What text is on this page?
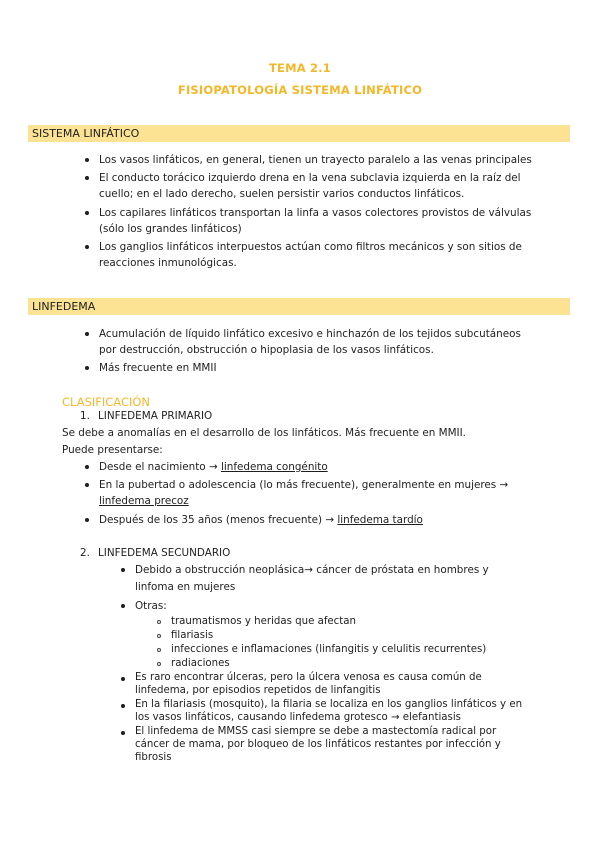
TEMA 2.1
FISIOPATOLOGÍA SISTEMA LINFÁTICO
SISTEMA LINFÁTICO
Los vasos linfáticos, en general, tienen un trayecto paralelo a las venas principales
El conducto torácico izquierdo drena en la vena subclavia izquierda en la raíz del
cuello; en el lado derecho, suelen persistir varios conductos linfáticos.
Los capilares linfáticos transportan la linfa a vasos colectores provistos de válvulas
(sólo los grandes linfáticos)
Los ganglios linfáticos interpuestos actúan como filtros mecánicos y son sitios de
reacciones inmunológicas.
LINFEDEMA
Acumulación de líquido linfático excesivo e hinchazón de los tejidos subcutáneos
por destrucción, obstrucción o hipoplasia de los vasos linfáticos.
Más frecuente en MMII
CLASIFICACIÓN
1. LINFEDEMA PRIMARIO
Se debe a anomalías en el desarrollo de los linfáticos. Más frecuente en MMII.
Puede presentarse:
Desde el nacimiento → linfedema congénito
En la pubertad o adolescencia (lo más frecuente), generalmente en mujeres →
linfedema precoz
Después de los 35 años (menos frecuente) → linfedema tardío
2. LINFEDEMA SECUNDARIO
Debido a obstrucción neoplásica→ cáncer de próstata en hombres y
linfoma en mujeres
Otras:
traumatismos y heridas que afectan
filariasis
infecciones e inflamaciones (linfangitis y celulitis recurrentes)
radiaciones
Es raro encontrar úlceras, pero la úlcera venosa es causa común de
linfedema, por episodios repetidos de linfangitis
En la filariasis (mosquito), la filaria se localiza en los ganglios linfáticos y en
los vasos linfáticos, causando linfedema grotesco → elefantiasis
El linfedema de MMSS casi siempre se debe a mastectomía radical por
cáncer de mama, por bloqueo de los linfáticos restantes por infección y
fibrosis
